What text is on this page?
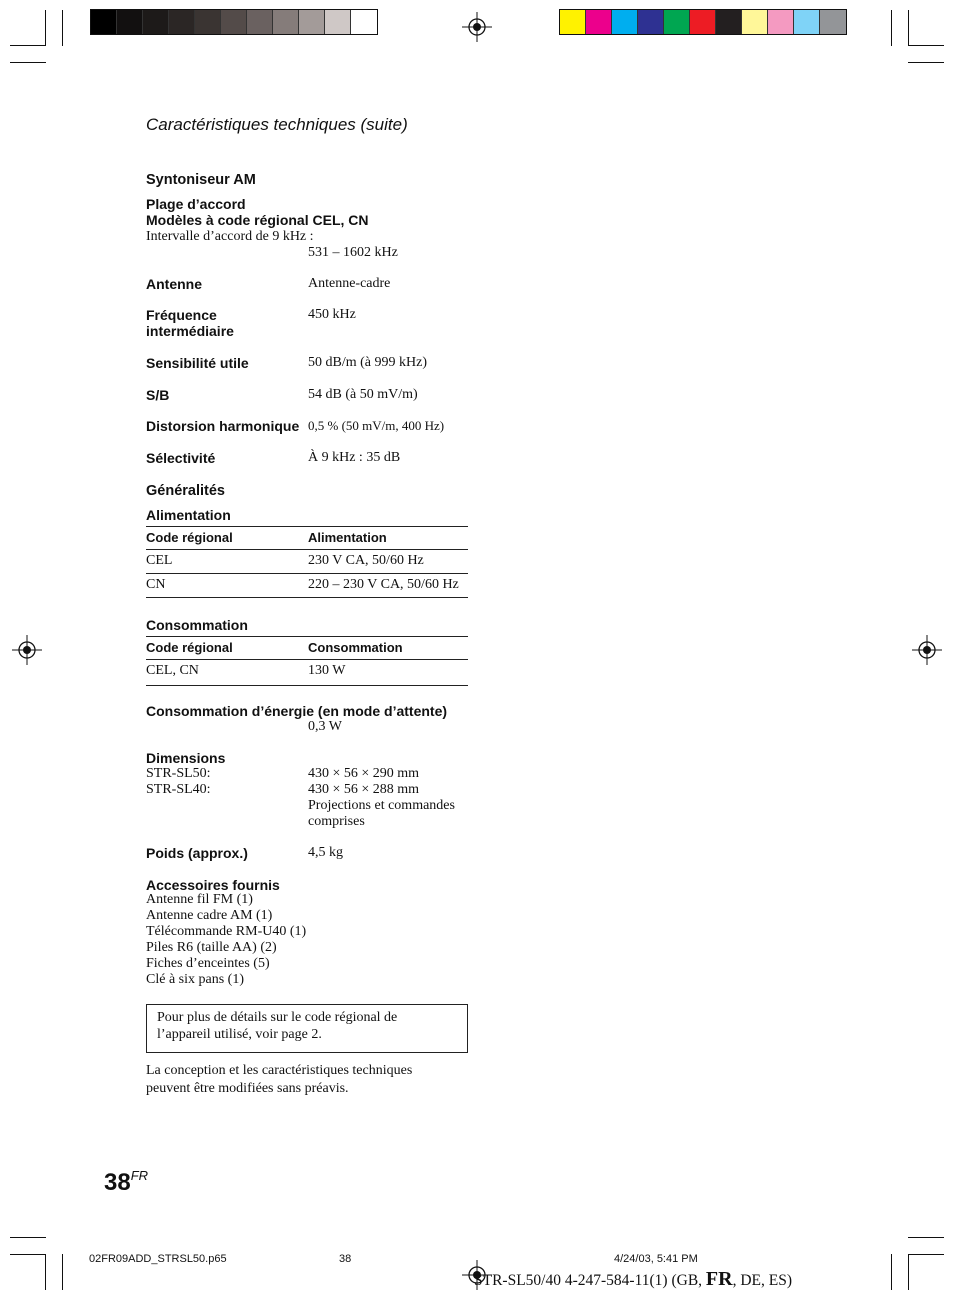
Caractéristiques techniques (suite)
Syntoniseur AM
Plage d’accord
Modèles à code régional CEL, CN
Intervalle d’accord de 9 kHz :
531 – 1602 kHz
Antenne	Antenne-cadre
Fréquence
intermédiaire
450 kHz
Sensibilité utile	50 dB/m (à 999 kHz)
S/B	54 dB (à 50 mV/m)
Distorsion harmonique 0,5 % (50 mV/m, 400 Hz)
Sélectivité	À 9 kHz : 35 dB
Généralités
Alimentation
Code régional	Alimentation
CEL	230 V CA, 50/60 Hz
CN	220 – 230 V CA, 50/60 Hz
Consommation
Code régional	Consommation
CEL, CN	130 W
Consommation d’énergie (en mode d’attente)
0,3 W
Dimensions
STR-SL50:	430 × 56 × 290 mm
STR-SL40:	430 × 56 × 288 mm
Projections et commandes
comprises
Poids (approx.)	4,5 kg
Accessoires fournis
Antenne fil FM (1)
Antenne cadre AM (1)
Télécommande RM-U40 (1)
Piles R6 (taille AA) (2)
Fiches d’enceintes (5)
Clé à six pans (1)
Pour plus de détails sur le code régional de
l’appareil utilisé, voir page 2.
La conception et les caractéristiques techniques
peuvent être modifiées sans préavis.
$38^{FR}$
02FR09ADD_STRSL50.p65	38	4/24/03, 5:41 PM
STR-SL50/40 4-247-584-11(1) (GB, FR, DE, ES)
